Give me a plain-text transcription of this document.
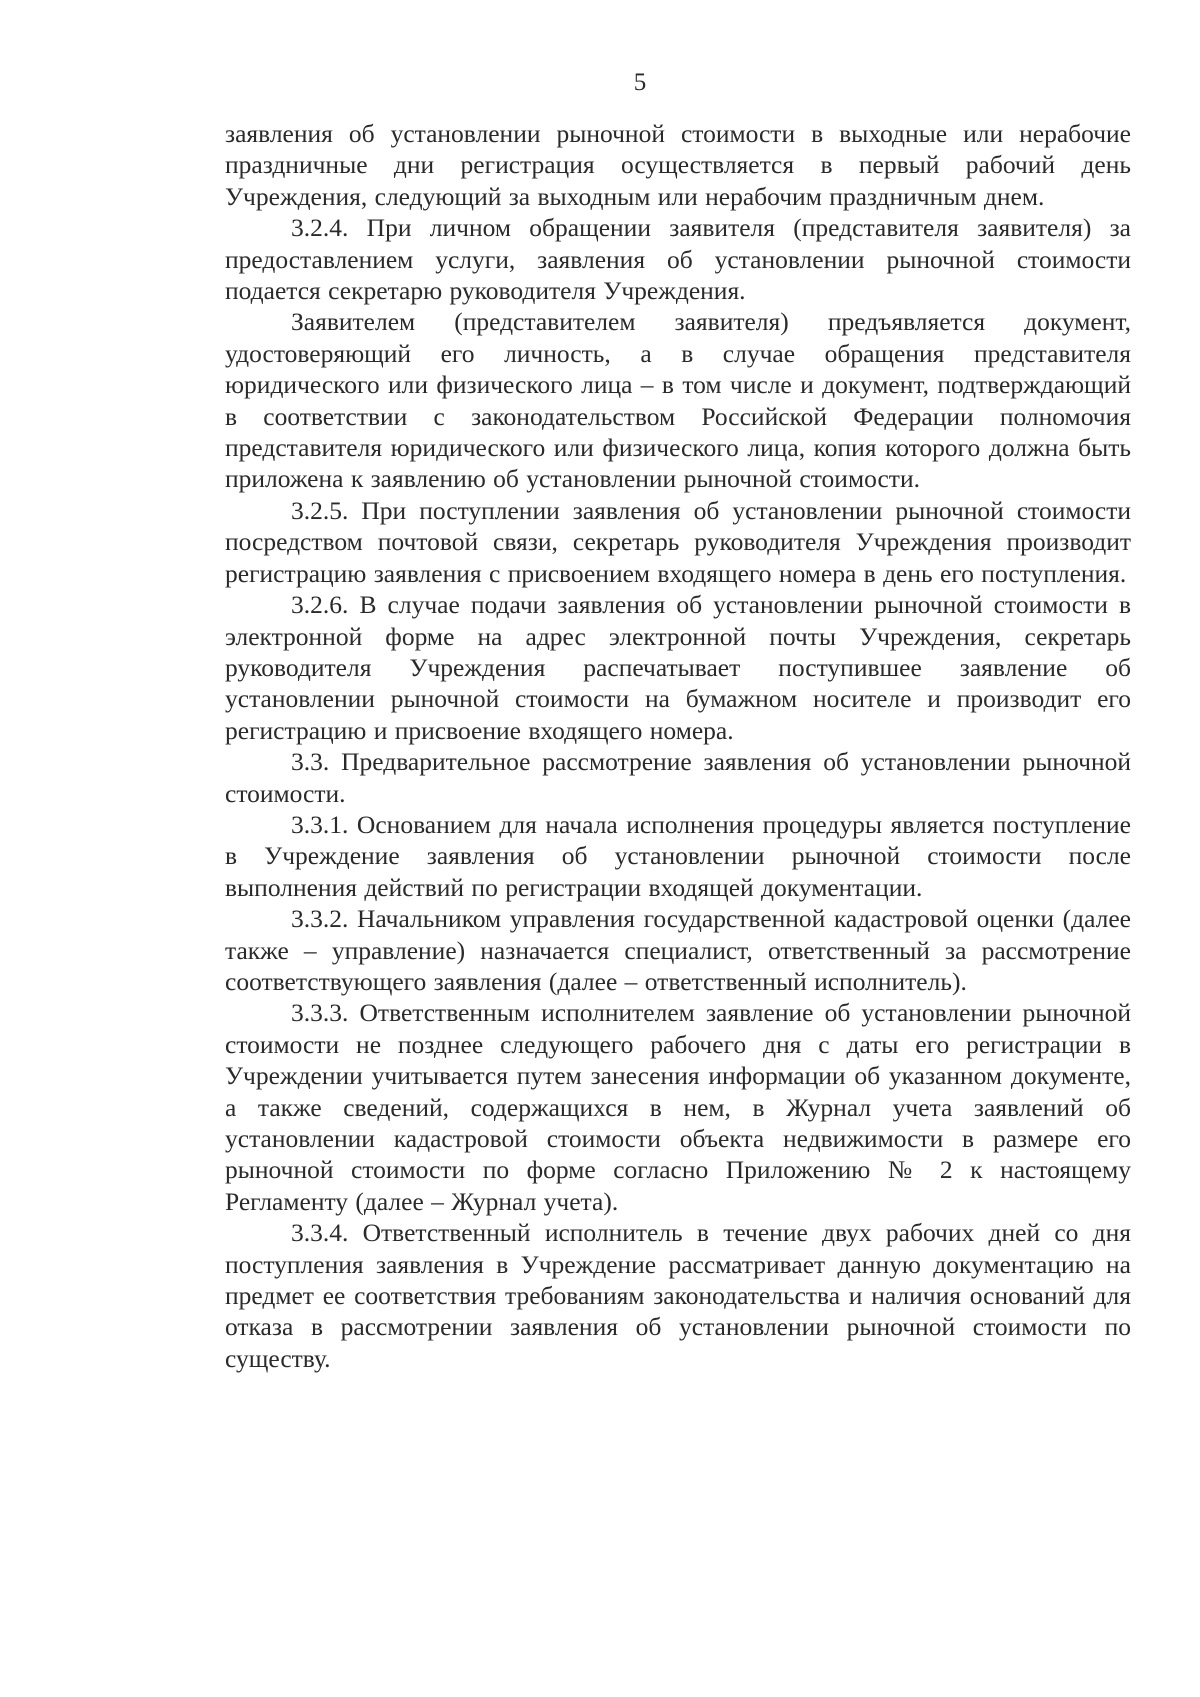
5

заявления об установлении рыночной стоимости в выходные или нерабочие праздничные дни регистрация осуществляется в первый рабочий день Учреждения, следующий за выходным или нерабочим праздничным днем.

3.2.4. При личном обращении заявителя (представителя заявителя) за предоставлением услуги, заявления об установлении рыночной стоимости подается секретарю руководителя Учреждения.

Заявителем (представителем заявителя) предъявляется документ, удостоверяющий его личность, а в случае обращения представителя юридического или физического лица – в том числе и документ, подтверждающий в соответствии с законодательством Российской Федерации полномочия представителя юридического или физического лица, копия которого должна быть приложена к заявлению об установлении рыночной стоимости.

3.2.5. При поступлении заявления об установлении рыночной стоимости посредством почтовой связи, секретарь руководителя Учреждения производит регистрацию заявления с присвоением входящего номера в день его поступления.

3.2.6. В случае подачи заявления об установлении рыночной стоимости в электронной форме на адрес электронной почты Учреждения, секретарь руководителя Учреждения распечатывает поступившее заявление об установлении рыночной стоимости на бумажном носителе и производит его регистрацию и присвоение входящего номера.

3.3. Предварительное рассмотрение заявления об установлении рыночной стоимости.

3.3.1. Основанием для начала исполнения процедуры является поступление в Учреждение заявления об установлении рыночной стоимости после выполнения действий по регистрации входящей документации.

3.3.2. Начальником управления государственной кадастровой оценки (далее также – управление) назначается специалист, ответственный за рассмотрение соответствующего заявления (далее – ответственный исполнитель).

3.3.3. Ответственным исполнителем заявление об установлении рыночной стоимости не позднее следующего рабочего дня с даты его регистрации в Учреждении учитывается путем занесения информации об указанном документе, а также сведений, содержащихся в нем, в Журнал учета заявлений об установлении кадастровой стоимости объекта недвижимости в размере его рыночной стоимости по форме согласно Приложению № 2 к настоящему Регламенту (далее – Журнал учета).

3.3.4. Ответственный исполнитель в течение двух рабочих дней со дня поступления заявления в Учреждение рассматривает данную документацию на предмет ее соответствия требованиям законодательства и наличия оснований для отказа в рассмотрении заявления об установлении рыночной стоимости по существу.
